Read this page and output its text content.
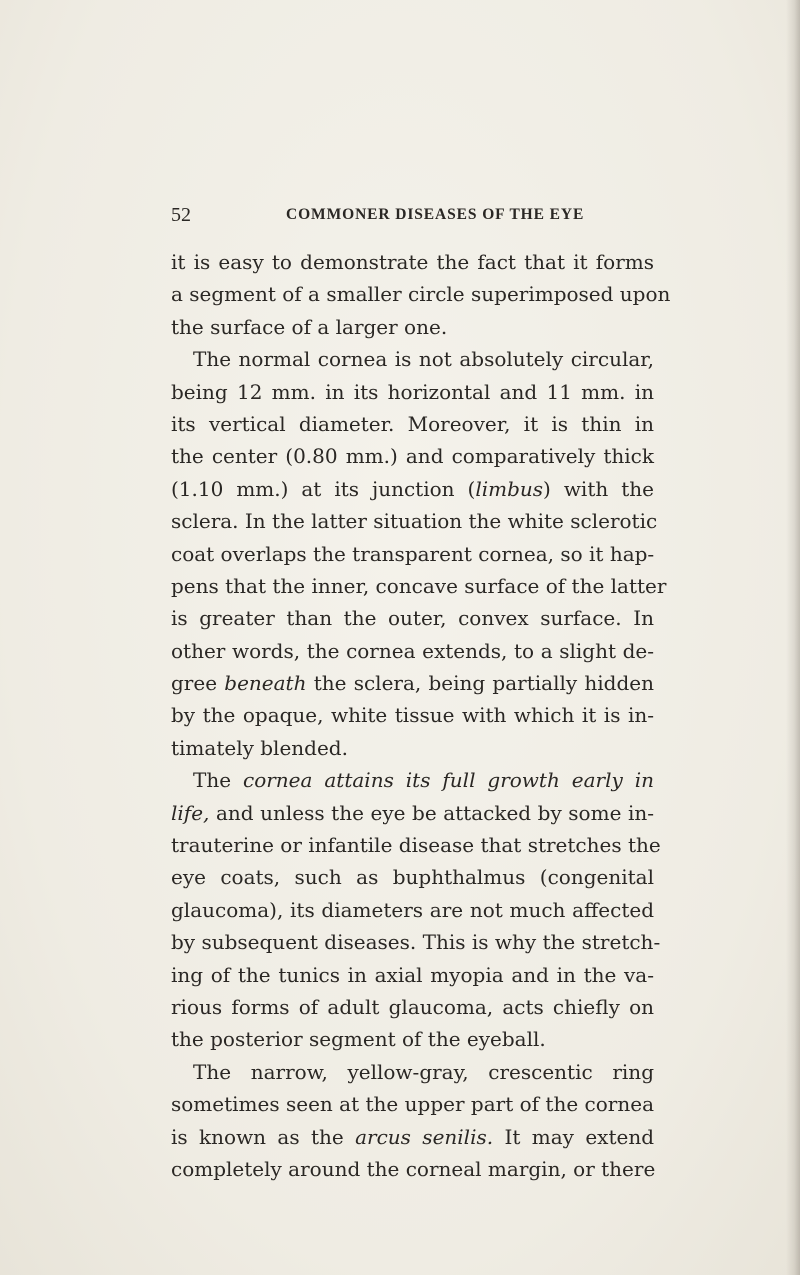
52	COMMONER DISEASES OF THE EYE
it is easy to demonstrate the fact that it forms
a segment of a smaller circle superimposed upon
the surface of a larger one.
The normal cornea is not absolutely circular,
being 12 mm. in its horizontal and 11 mm. in
its vertical diameter. Moreover, it is thin in
the center (0.80 mm.) and comparatively thick
(1.10 mm.) at its junction (limbus) with the
sclera. In the latter situation the white sclerotic
coat overlaps the transparent cornea, so it hap-
pens that the inner, concave surface of the latter
is greater than the outer, convex surface. In
other words, the cornea extends, to a slight de-
gree beneath the sclera, being partially hidden
by the opaque, white tissue with which it is in-
timately blended.
The cornea attains its full growth early in
life, and unless the eye be attacked by some in-
trauterine or infantile disease that stretches the
eye coats, such as buphthalmus (congenital
glaucoma), its diameters are not much affected
by subsequent diseases. This is why the stretch-
ing of the tunics in axial myopia and in the va-
rious forms of adult glaucoma, acts chiefly on
the posterior segment of the eyeball.
The narrow, yellow-gray, crescentic ring
sometimes seen at the upper part of the cornea
is known as the arcus senilis. It may extend
completely around the corneal margin, or there
